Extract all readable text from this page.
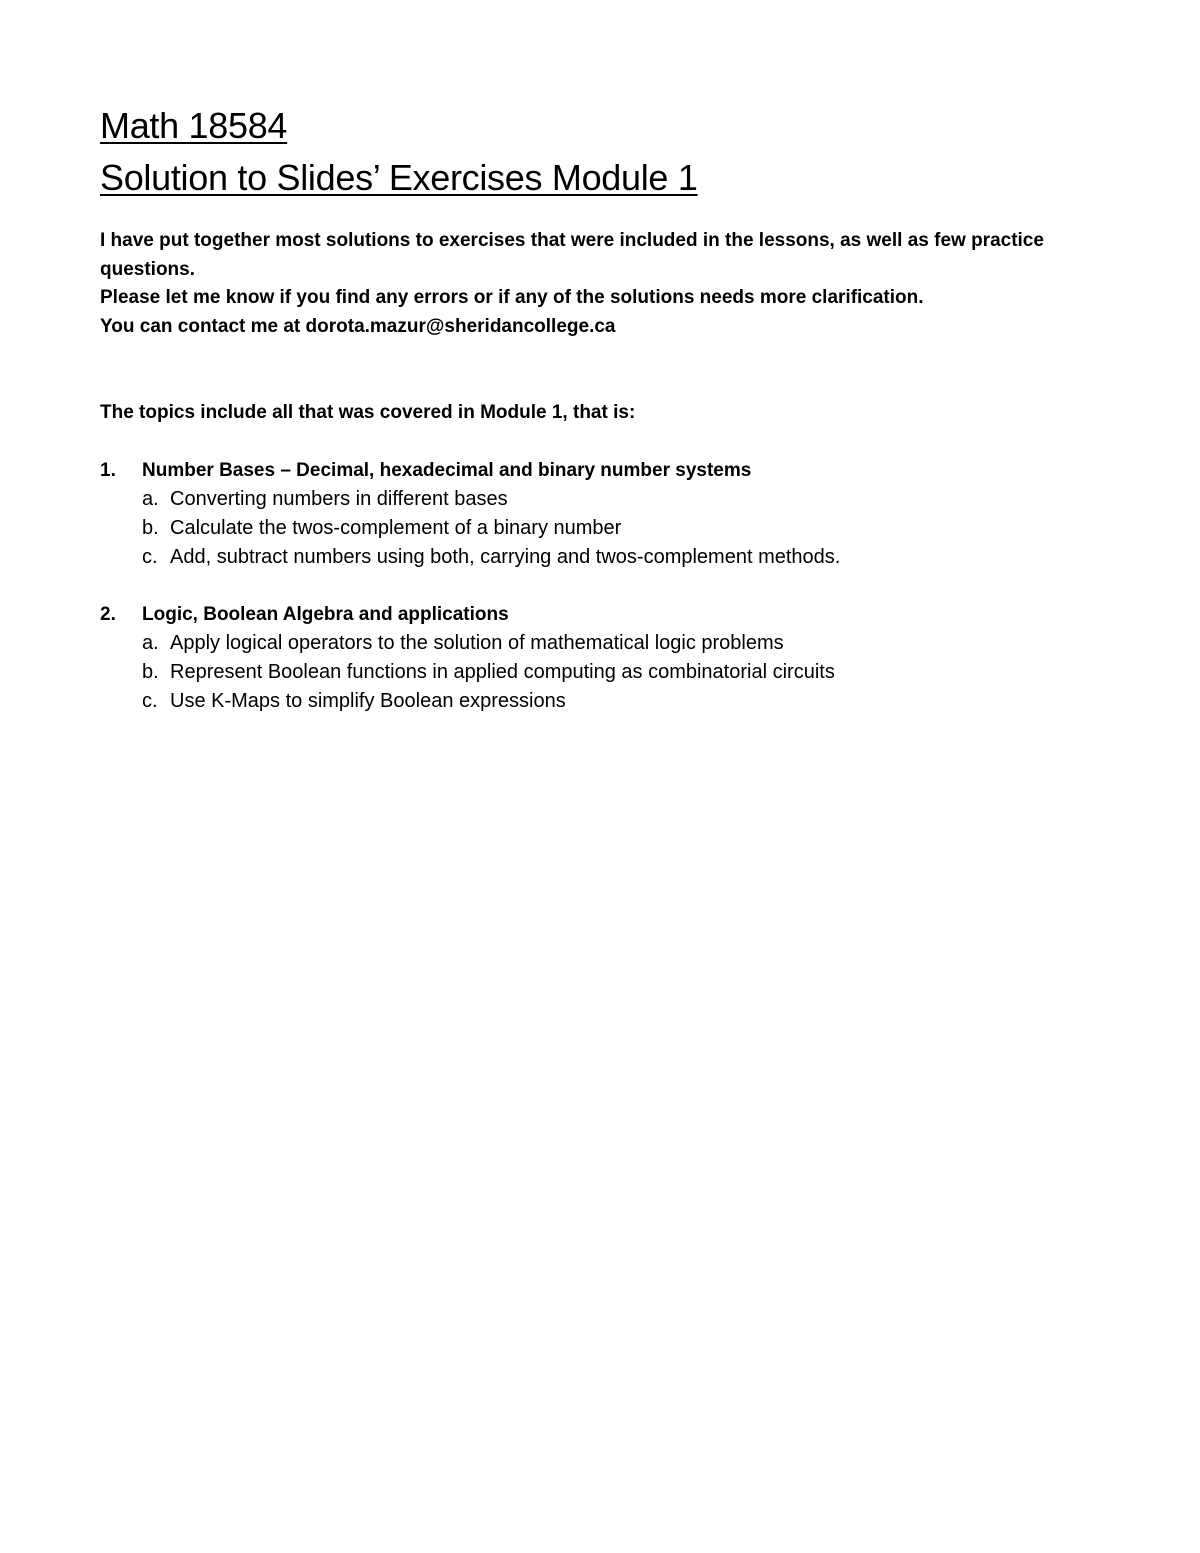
Math 18584
Solution to Slides’ Exercises Module 1

I have put together most solutions to exercises that were included in the lessons, as well as few practice questions.

Please let me know if you find any errors or if any of the solutions needs more clarification.

You can contact me at dorota.mazur@sheridancollege.ca

The topics include all that was covered in Module 1, that is:

1. Number Bases – Decimal, hexadecimal and binary number systems
a. Converting numbers in different bases
b. Calculate the twos-complement of a binary number
c. Add, subtract numbers using both, carrying and twos-complement methods.
2. Logic, Boolean Algebra and applications
a. Apply logical operators to the solution of mathematical logic problems
b. Represent Boolean functions in applied computing as combinatorial circuits
c. Use K-Maps to simplify Boolean expressions
